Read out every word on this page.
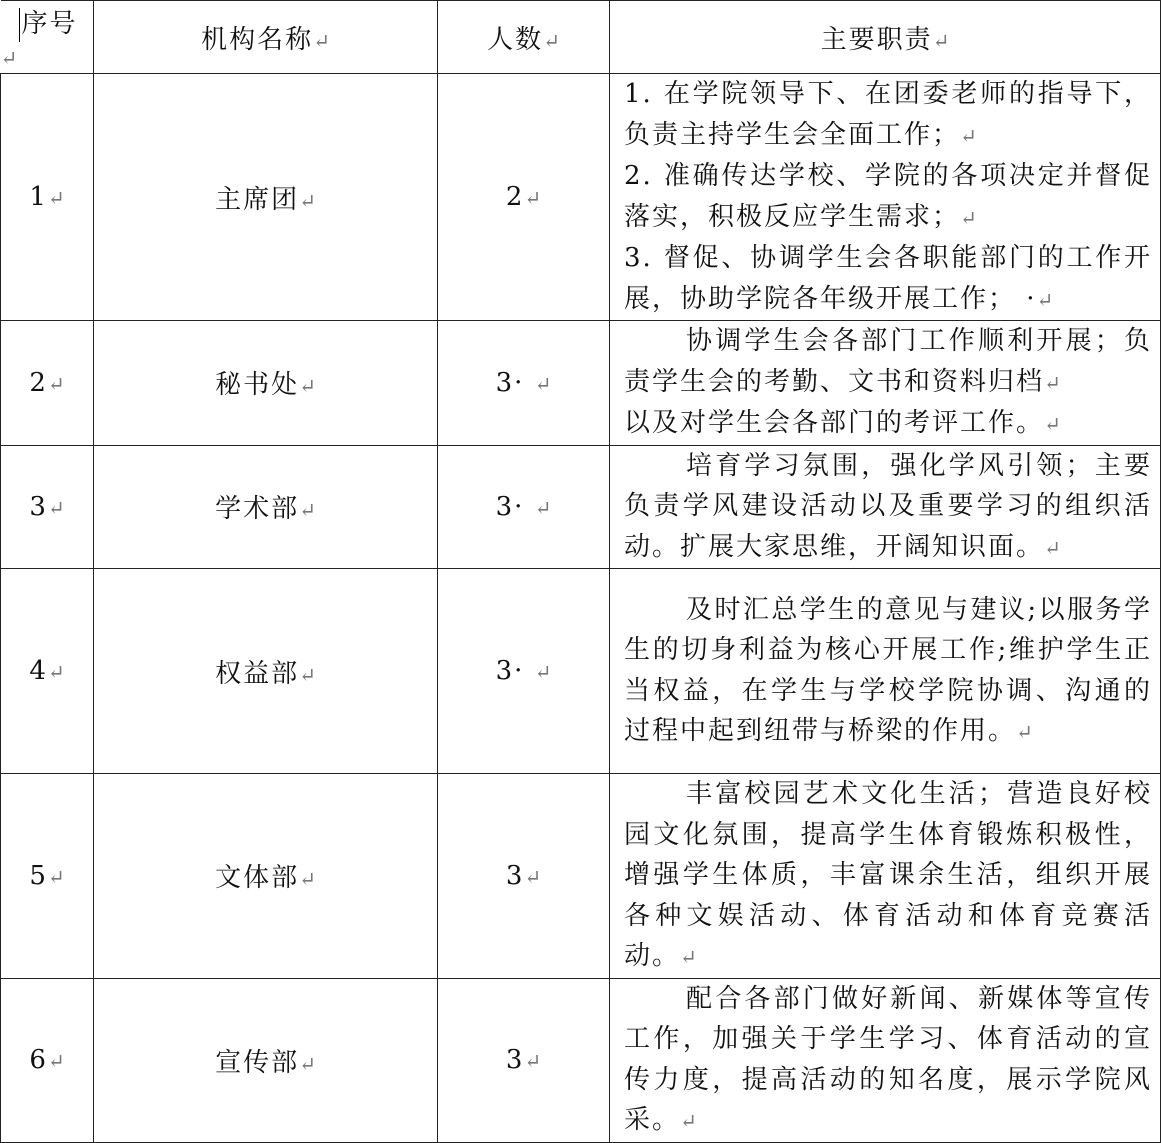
序号↵	机构名称↵	人数↵	主要职责↵
1↵	主席团↵	2↵	1. 在学院领导下、在团委老师的指导下，负责主持学生会全面工作；↵
2. 准确传达学校、学院的各项决定并督促落实，积极反应学生需求；↵
3. 督促、协调学生会各职能部门的工作开展，协助学院各年级开展工作； ·↵

2↵	秘书处↵	3· ↵	协调学生会各部门工作顺利开展；负责学生会的考勤、文书和资料归档↵
以及对学生会各部门的考评工作。↵

3↵	学术部↵	3· ↵	培育学习氛围，强化学风引领；主要负责学风建设活动以及重要学习的组织活动。扩展大家思维，开阔知识面。↵

4↵	权益部↵	3· ↵	及时汇总学生的意见与建议;以服务学生的切身利益为核心开展工作;维护学生正当权益，在学生与学校学院协调、沟通的过程中起到纽带与桥梁的作用。↵

5↵	文体部↵	3↵	丰富校园艺术文化生活；营造良好校园文化氛围，提高学生体育锻炼积极性，增强学生体质，丰富课余生活，组织开展各种文娱活动、体育活动和体育竞赛活动。↵

6↵	宣传部↵	3↵	配合各部门做好新闻、新媒体等宣传工作，加强关于学生学习、体育活动的宣传力度，提高活动的知名度，展示学院风采。↵
